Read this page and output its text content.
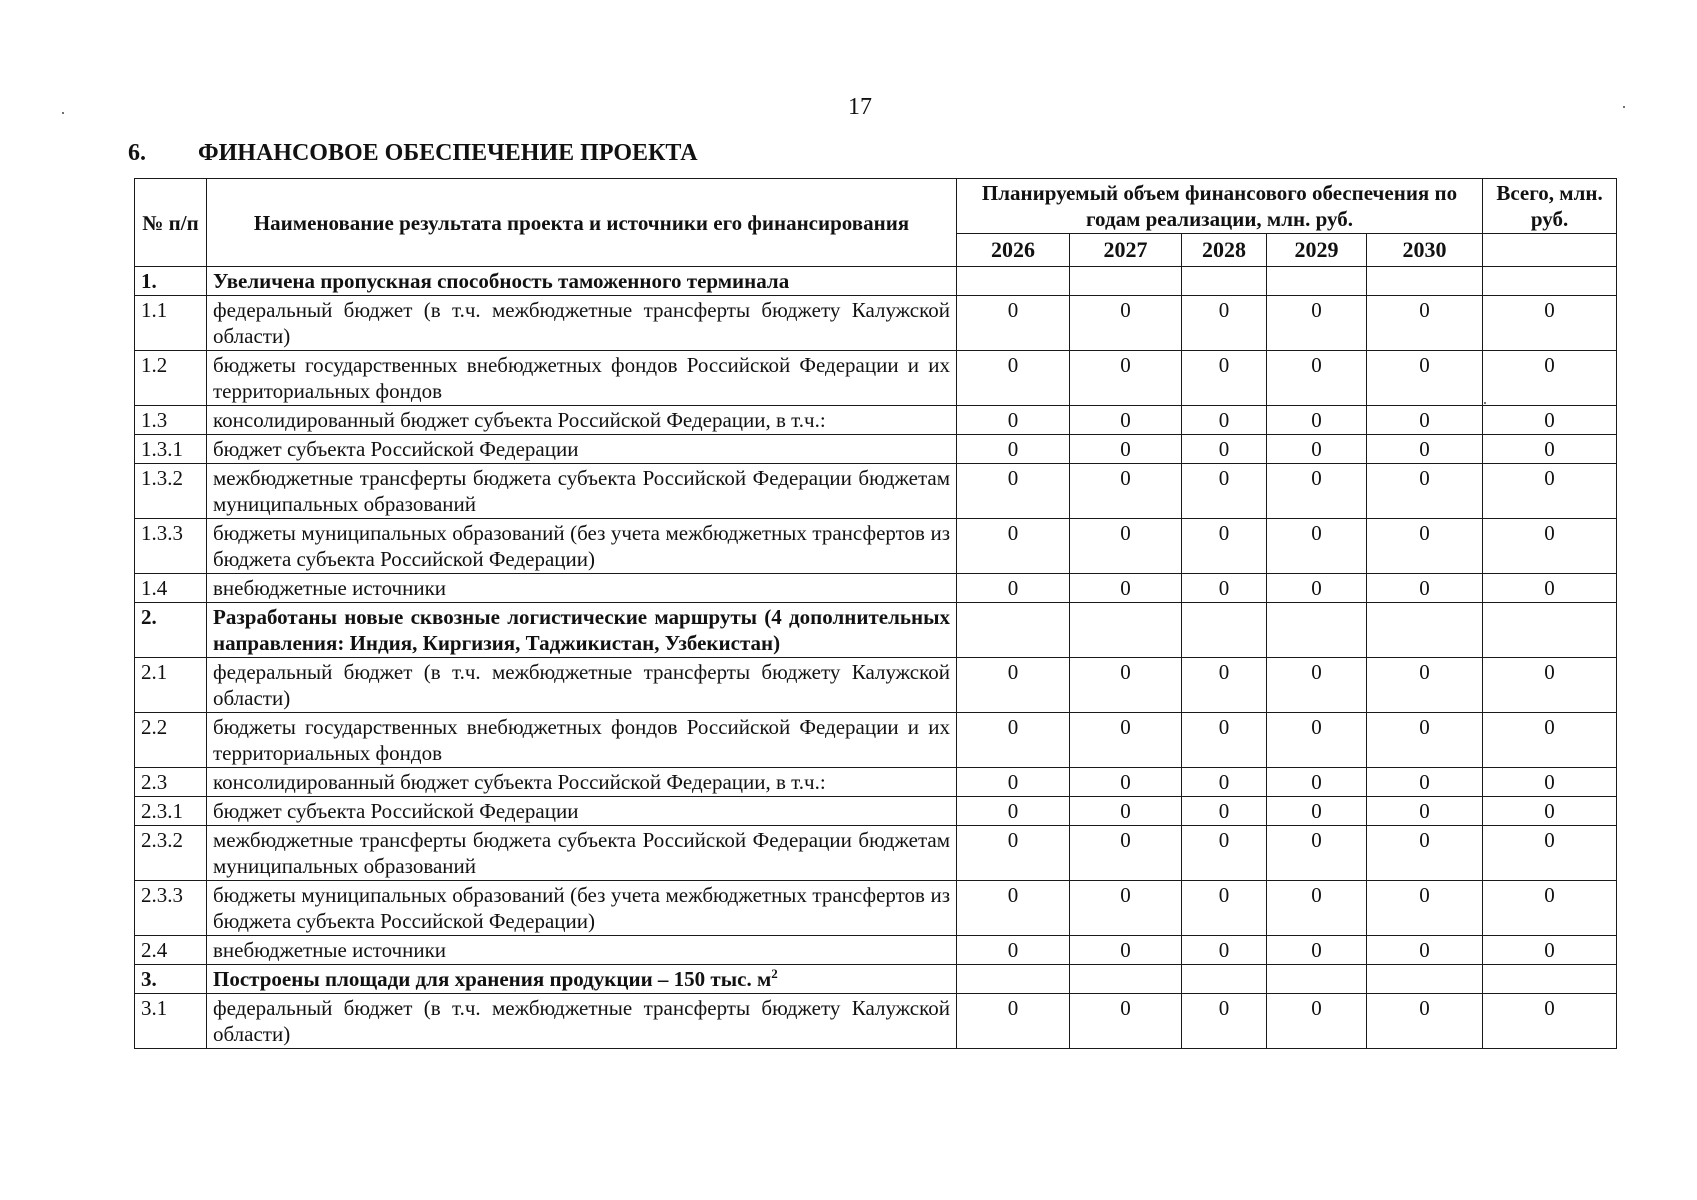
17
6. ФИНАНСОВОЕ ОБЕСПЕЧЕНИЕ ПРОЕКТА
№ п/п	Наименование результата проекта и источники его финансирования	Планируемый объем финансового обеспечения по годам реализации, млн. руб.					Всего, млн. руб.
		2026	2027	2028	2029	2030	
1.	Увеличена пропускная способность таможенного терминала						
1.1	федеральный бюджет (в т.ч. межбюджетные трансферты бюджету Калужской области)	0	0	0	0	0	0
1.2	бюджеты государственных внебюджетных фондов Российской Федерации и их территориальных фондов	0	0	0	0	0	0
1.3	консолидированный бюджет субъекта Российской Федерации, в т.ч.:	0	0	0	0	0	0
1.3.1	бюджет субъекта Российской Федерации	0	0	0	0	0	0
1.3.2	межбюджетные трансферты бюджета субъекта Российской Федерации бюджетам муниципальных образований	0	0	0	0	0	0
1.3.3	бюджеты муниципальных образований (без учета межбюджетных трансфертов из бюджета субъекта Российской Федерации)	0	0	0	0	0	0
1.4	внебюджетные источники	0	0	0	0	0	0
2.	Разработаны новые сквозные логистические маршруты (4 дополнительных направления: Индия, Киргизия, Таджикистан, Узбекистан)						
2.1	федеральный бюджет (в т.ч. межбюджетные трансферты бюджету Калужской области)	0	0	0	0	0	0
2.2	бюджеты государственных внебюджетных фондов Российской Федерации и их территориальных фондов	0	0	0	0	0	0
2.3	консолидированный бюджет субъекта Российской Федерации, в т.ч.:	0	0	0	0	0	0
2.3.1	бюджет субъекта Российской Федерации	0	0	0	0	0	0
2.3.2	межбюджетные трансферты бюджета субъекта Российской Федерации бюджетам муниципальных образований	0	0	0	0	0	0
2.3.3	бюджеты муниципальных образований (без учета межбюджетных трансфертов из бюджета субъекта Российской Федерации)	0	0	0	0	0	0
2.4	внебюджетные источники	0	0	0	0	0	0
3.	Построены площади для хранения продукции – 150 тыс. $м^2$						
3.1	федеральный бюджет (в т.ч. межбюджетные трансферты бюджету Калужской области)	0	0	0	0	0	0
